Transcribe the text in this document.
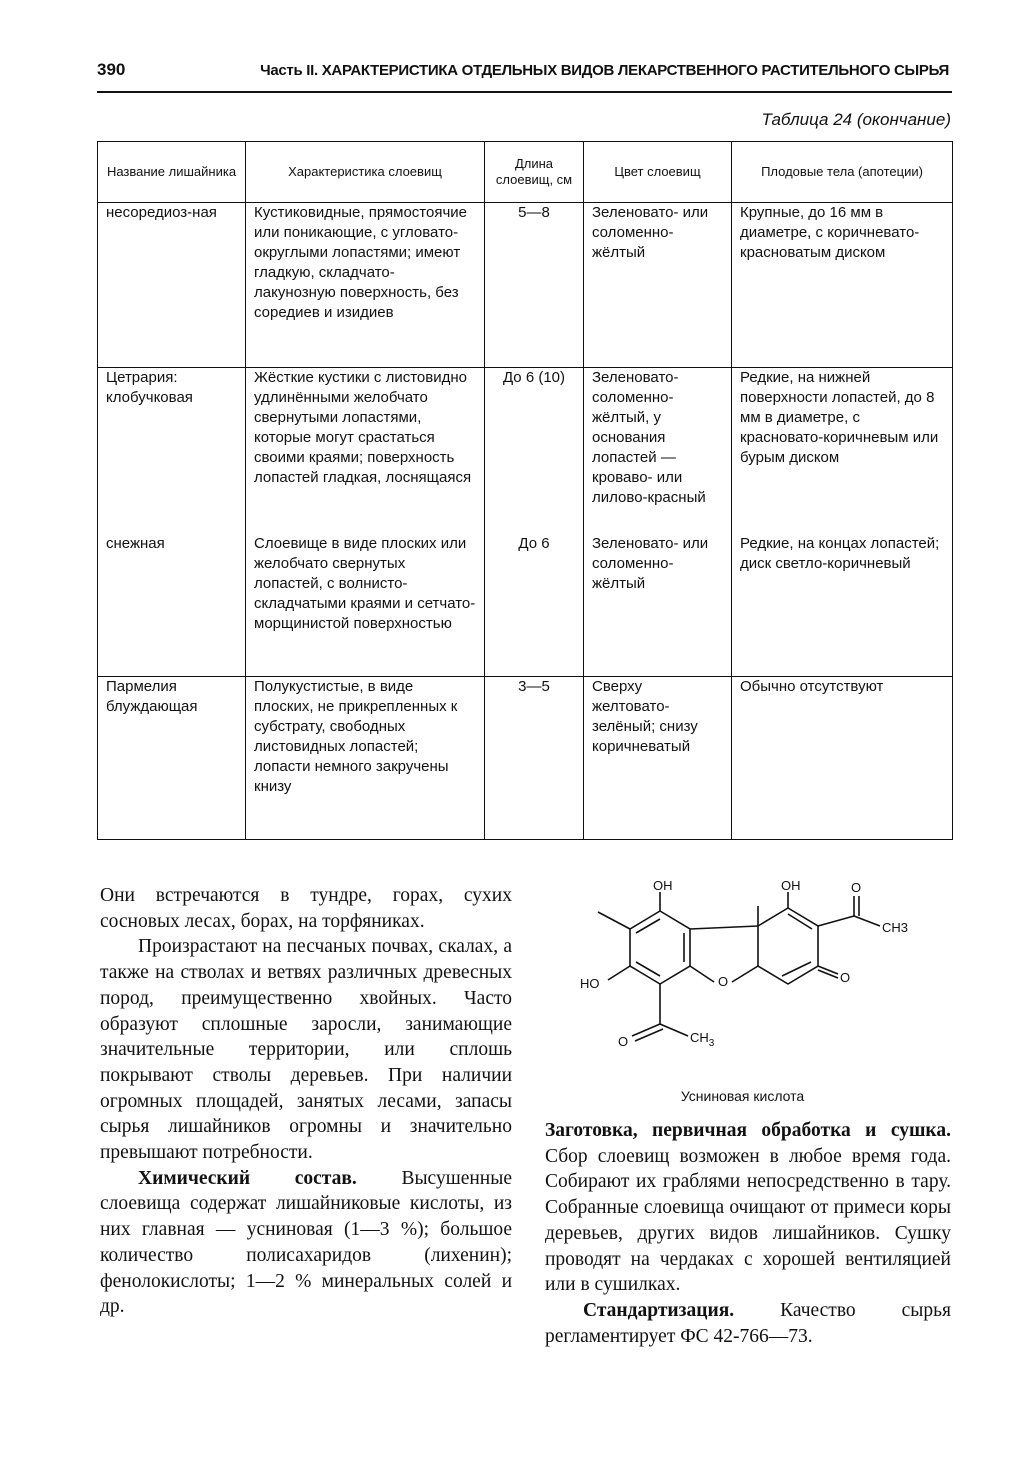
390	Часть II. ХАРАКТЕРИСТИКА ОТДЕЛЬНЫХ ВИДОВ ЛЕКАРСТВЕННОГО РАСТИТЕЛЬНОГО СЫРЬЯ
Таблица 24 (окончание)
Название лишайника	Характеристика слоевищ	Длина слоевищ, см	Цвет слоевищ	Плодовые тела (апотеции)
несоредиоз-ная	Кустиковидные, прямостоячие или поникающие, с угловато-округлыми лопастями; имеют гладкую, складчато-лакунозную поверхность, без соредиев и изидиев	5—8	Зеленовато- или соломенно-жёлтый	Крупные, до 16 мм в диаметре, с коричневато-красноватым диском
Цетрария: клобучковая	Жёсткие кустики с листовидно удлинёнными желобчато свернутыми лопастями, которые могут срастаться своими краями; поверхность лопастей гладкая, лоснящаяся	До 6 (10)	Зеленовато-соломенно-жёлтый, у основания лопастей — кроваво- или лилово-красный	Редкие, на нижней поверхности лопастей, до 8 мм в диаметре, с красновато-коричневым или бурым диском
снежная	Слоевище в виде плоских или желобчато свернутых лопастей, с волнисто-складчатыми краями и сетчато-морщинистой поверхностью	До 6	Зеленовато- или соломенно-жёлтый	Редкие, на концах лопастей; диск светло-коричневый
Пармелия блуждающая	Полукустистые, в виде плоских, не прикрепленных к субстрату, свободных листовидных лопастей; лопасти немного закручены книзу	3—5	Сверху желтовато-зелёный; снизу коричневатый	Обычно отсутствуют

Они встречаются в тундре, горах, сухих сосновых лесах, борах, на торфяниках.

Произрастают на песчаных почвах, скалах, а также на стволах и ветвях различных древесных пород, преимущественно хвойных. Часто образуют сплошные заросли, занимающие значительные территории, или сплошь покрывают стволы деревьев. При наличии огромных площадей, занятых лесами, запасы сырья лишайников огромны и значительно превышают потребности.

Химический состав. Высушенные слоевища содержат лишайниковые кислоты, из них главная — усниновая (1—3 %); большое количество полисахаридов (лихенин); фенолокислоты; 1—2 % минеральных солей и др.

OH	OH
HO	O	O
O
CH3
O	$CH_3$
Усниновая кислота

Заготовка, первичная обработка и сушка. Сбор слоевищ возможен в любое время года. Собирают их граблями непосредственно в тару. Собранные слоевища очищают от примеси коры деревьев, других видов лишайников. Сушку проводят на чердаках с хорошей вентиляцией или в сушилках.

Стандартизация. Качество сырья регламентирует ФС 42-766—73.
